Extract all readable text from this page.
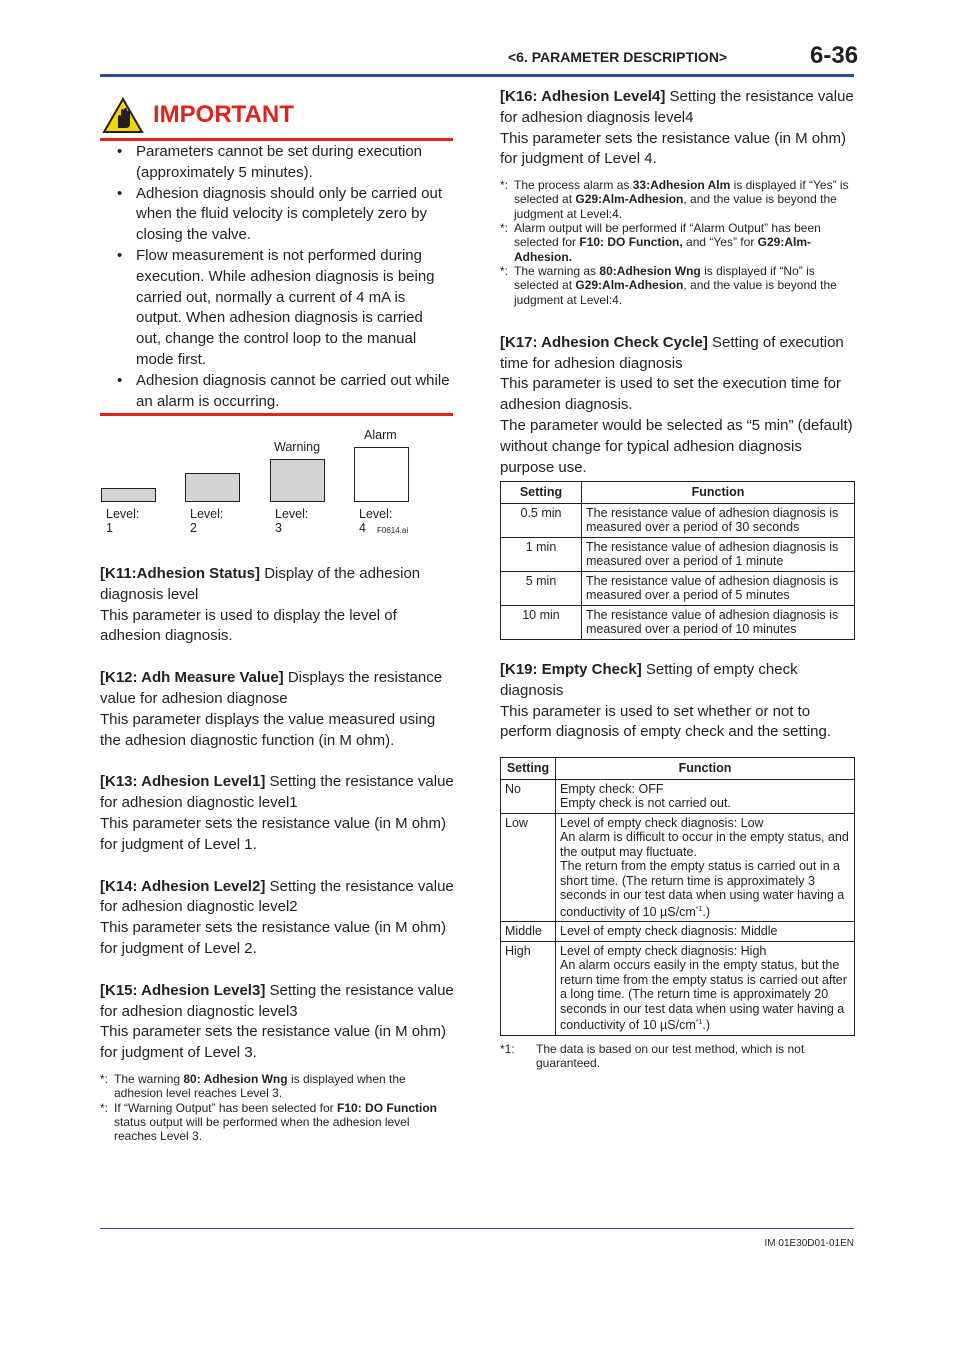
<6. PARAMETER DESCRIPTION>	6-36
IMPORTANT
• Parameters cannot be set during execution (approximately 5 minutes).
• Adhesion diagnosis should only be carried out when the fluid velocity is completely zero by closing the valve.
• Flow measurement is not performed during execution. While adhesion diagnosis is being carried out, normally a current of 4 mA is output. When adhesion diagnosis is carried out, change the control loop to the manual mode first.
• Adhesion diagnosis cannot be carried out while an alarm is occurring.
Warning
Alarm
Level: 1
Level: 2
Level: 3
Level: 4	F0614.ai

[K11:Adhesion Status] Display of the adhesion diagnosis level

This parameter is used to display the level of adhesion diagnosis.

[K12: Adh Measure Value] Displays the resistance value for adhesion diagnose

This parameter displays the value measured using the adhesion diagnostic function (in M ohm).

[K13: Adhesion Level1] Setting the resistance value for adhesion diagnostic level1

This parameter sets the resistance value (in M ohm) for judgment of Level 1.

[K14: Adhesion Level2] Setting the resistance value for adhesion diagnostic level2

This parameter sets the resistance value (in M ohm) for judgment of Level 2.

[K15: Adhesion Level3] Setting the resistance value for adhesion diagnostic level3

This parameter sets the resistance value (in M ohm) for judgment of Level 3.

*: The warning 80: Adhesion Wng is displayed when the adhesion level reaches Level 3.
*: If “Warning Output” has been selected for F10: DO Function status output will be performed when the adhesion level reaches Level 3.

[K16: Adhesion Level4] Setting the resistance value for adhesion diagnosis level4

This parameter sets the resistance value (in M ohm) for judgment of Level 4.

*: The process alarm as 33:Adhesion Alm is displayed if “Yes” is selected at G29:Alm-Adhesion, and the value is beyond the judgment at Level:4.
*: Alarm output will be performed if “Alarm Output” has been selected for F10: DO Function, and “Yes” for G29:Alm-Adhesion.
*: The warning as 80:Adhesion Wng is displayed if “No” is selected at G29:Alm-Adhesion, and the value is beyond the judgment at Level:4.

[K17: Adhesion Check Cycle] Setting of execution time for adhesion diagnosis

This parameter is used to set the execution time for adhesion diagnosis.

The parameter would be selected as “5 min” (default) without change for typical adhesion diagnosis purpose use.

Setting	Function
0.5 min	The resistance value of adhesion diagnosis is measured over a period of 30 seconds
1 min	The resistance value of adhesion diagnosis is measured over a period of 1 minute
5 min	The resistance value of adhesion diagnosis is measured over a period of 5 minutes
10 min	The resistance value of adhesion diagnosis is measured over a period of 10 minutes

[K19: Empty Check] Setting of empty check diagnosis

This parameter is used to set whether or not to perform diagnosis of empty check and the setting.

Setting	Function
No	Empty check: OFF
Empty check is not carried out.

Low	Level of empty check diagnosis: Low
An alarm is difficult to occur in the empty status, and the output may fluctuate.
The return from the empty status is carried out in a short time. (The return time is approximately 3 seconds in our test data when using water having a conductivity of 10 $\mu S/cm^{*1}$.)

Middle	Level of empty check diagnosis: Middle

High	Level of empty check diagnosis: High
An alarm occurs easily in the empty status, but the return time from the empty status is carried out after a long time. (The return time is approximately 20 seconds in our test data when using water having a conductivity of 10 $\mu S/cm^{*1}$.)
*1: The data is based on our test method, which is not guaranteed.
IM 01E30D01-01EN
